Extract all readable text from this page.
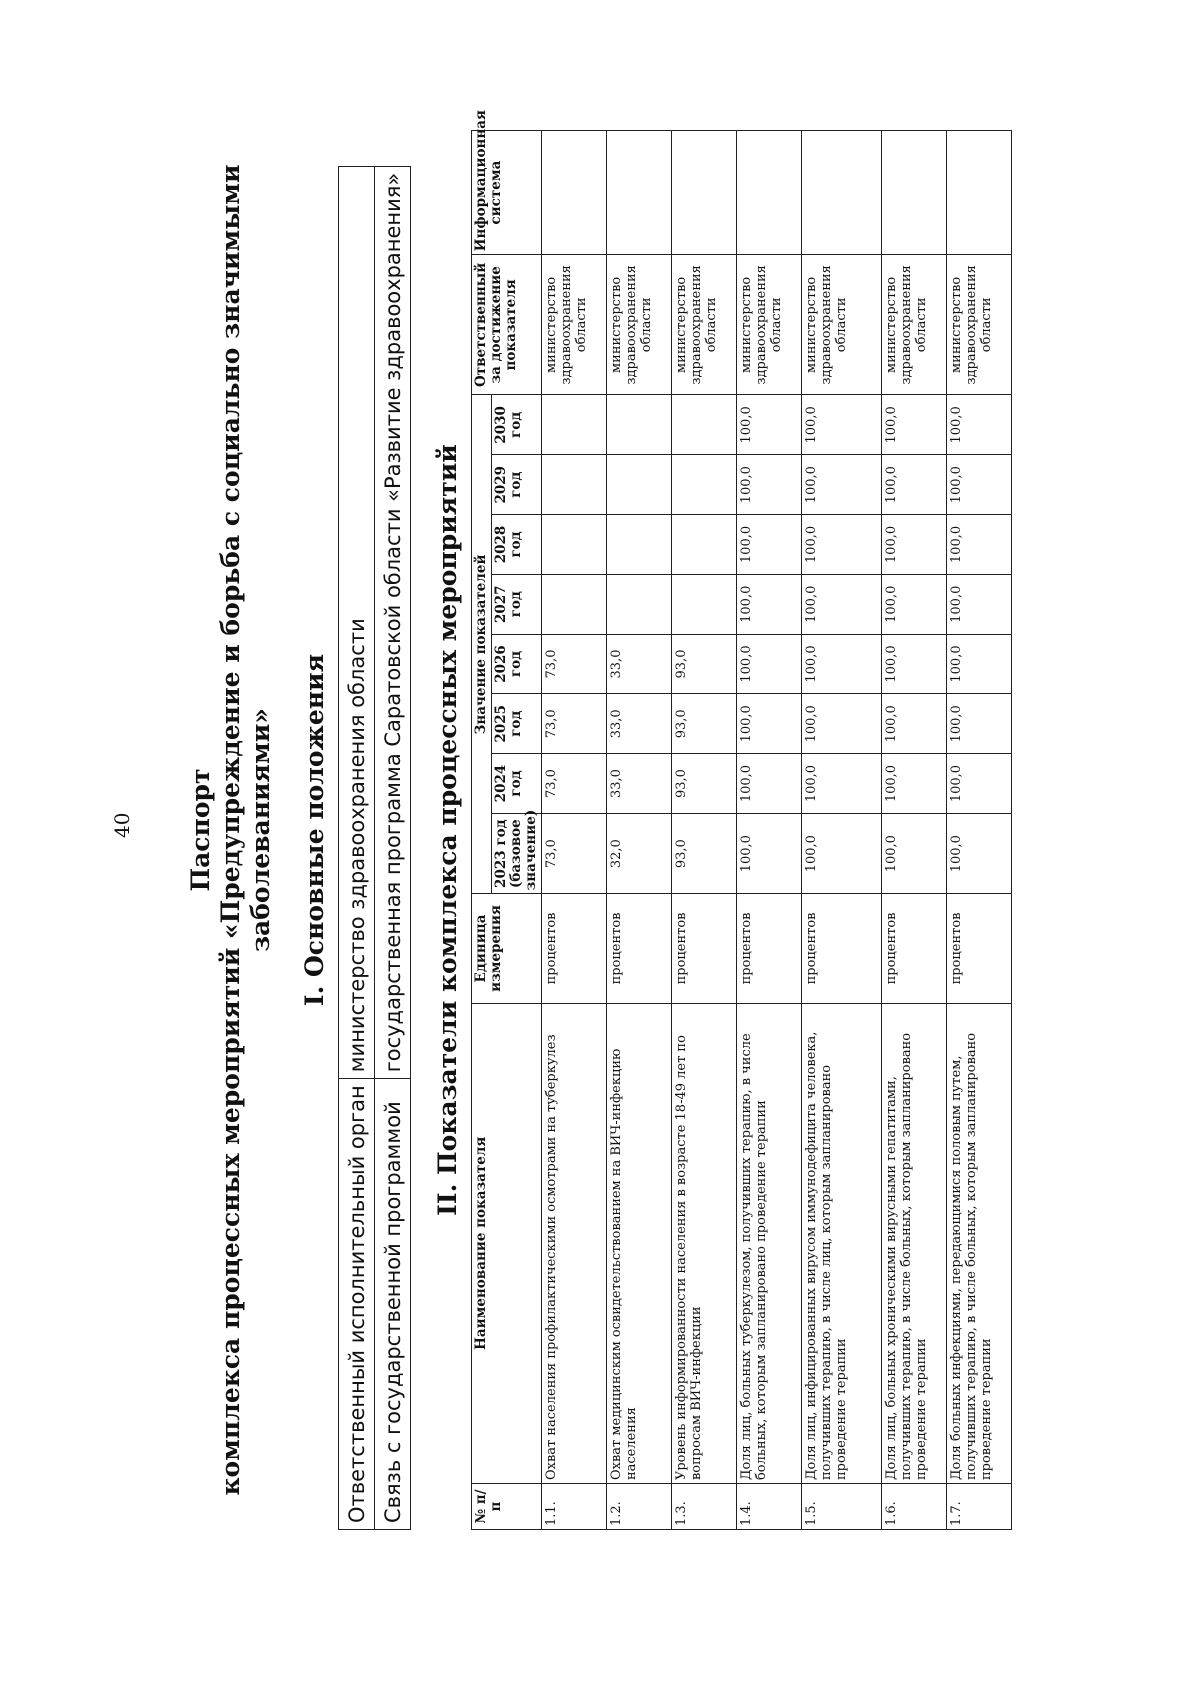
40 Паспорт комплекса процессных мероприятий «Предупреждение и борьба с социально значимыми заболеваниями» I. Основные положения
Ответственный исполнительный орган	министерство здравоохранения области
Связь с государственной программой	государственная программа Саратовской области «Развитие здравоохранения» II. Показатели комплекса процессных мероприятий
№ п/п	Наименование показателя	Единица измерения	Значение показателей								Ответственный за достижение показателя	Информационная система
			2023 год (базовое значение)	2024 год	2025 год	2026 год	2027 год	2028 год	2029 год	2030 год		
1.1.	Охват населения профилактическими осмотрами на туберкулез	процентов	73,0	73,0	73,0	73,0					министерство здравоохранения области	
1.2.	Охват медицинским освидетельствованием на ВИЧ-инфекцию населения	процентов	32,0	33,0	33,0	33,0					министерство здравоохранения области	
1.3.	Уровень информированности населения в возрасте 18-49 лет по вопросам ВИЧ-инфекции	процентов	93,0	93,0	93,0	93,0					министерство здравоохранения области	
1.4.	Доля лиц, больных туберкулезом, получивших терапию, в числе больных, которым запланировано проведение терапии	процентов	100,0	100,0	100,0	100,0	100,0	100,0	100,0	100,0	министерство здравоохранения области	
1.5.	Доля лиц, инфицированных вирусом иммунодефицита человека, получивших терапию, в числе лиц, которым запланировано проведение терапии	процентов	100,0	100,0	100,0	100,0	100,0	100,0	100,0	100,0	министерство здравоохранения области	
1.6.	Доля лиц, больных хроническими вирусными гепатитами, получивших терапию, в числе больных, которым запланировано проведение терапии	процентов	100,0	100,0	100,0	100,0	100,0	100,0	100,0	100,0	министерство здравоохранения области	
1.7.	Доля больных инфекциями, передающимися половым путем, получивших терапию, в числе больных, которым запланировано проведение терапии	процентов	100,0	100,0	100,0	100,0	100,0	100,0	100,0	100,0	министерство здравоохранения области	
